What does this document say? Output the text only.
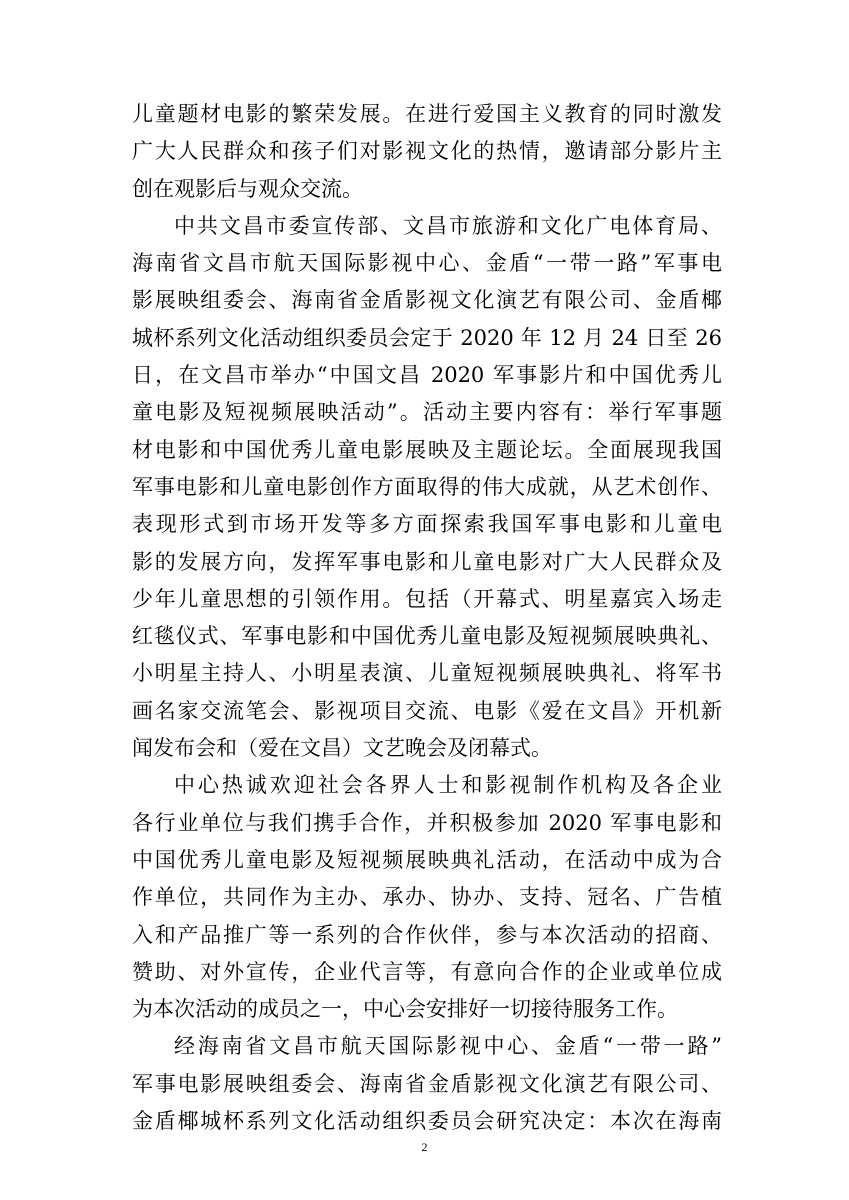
儿童题材电影的繁荣发展。在进行爱国主义教育的同时激发
广大人民群众和孩子们对影视文化的热情，邀请部分影片主
创在观影后与观众交流。
中共文昌市委宣传部、文昌市旅游和文化广电体育局、
海南省文昌市航天国际影视中心、金盾“一带一路”军事电
影展映组委会、海南省金盾影视文化演艺有限公司、金盾椰
城杯系列文化活动组织委员会定于 2020 年 12 月 24 日至 26
日，在文昌市举办“中国文昌 2020 军事影片和中国优秀儿
童电影及短视频展映活动”。活动主要内容有：举行军事题
材电影和中国优秀儿童电影展映及主题论坛。全面展现我国
军事电影和儿童电影创作方面取得的伟大成就，从艺术创作、
表现形式到市场开发等多方面探索我国军事电影和儿童电
影的发展方向，发挥军事电影和儿童电影对广大人民群众及
少年儿童思想的引领作用。包括（开幕式、明星嘉宾入场走
红毯仪式、军事电影和中国优秀儿童电影及短视频展映典礼、
小明星主持人、小明星表演、儿童短视频展映典礼、将军书
画名家交流笔会、影视项目交流、电影《爱在文昌》开机新
闻发布会和（爱在文昌）文艺晚会及闭幕式。
中心热诚欢迎社会各界人士和影视制作机构及各企业
各行业单位与我们携手合作，并积极参加 2020 军事电影和
中国优秀儿童电影及短视频展映典礼活动，在活动中成为合
作单位，共同作为主办、承办、协办、支持、冠名、广告植
入和产品推广等一系列的合作伙伴，参与本次活动的招商、
赞助、对外宣传，企业代言等，有意向合作的企业或单位成
为本次活动的成员之一，中心会安排好一切接待服务工作。
经海南省文昌市航天国际影视中心、金盾“一带一路”
军事电影展映组委会、海南省金盾影视文化演艺有限公司、
金盾椰城杯系列文化活动组织委员会研究决定：本次在海南
2
